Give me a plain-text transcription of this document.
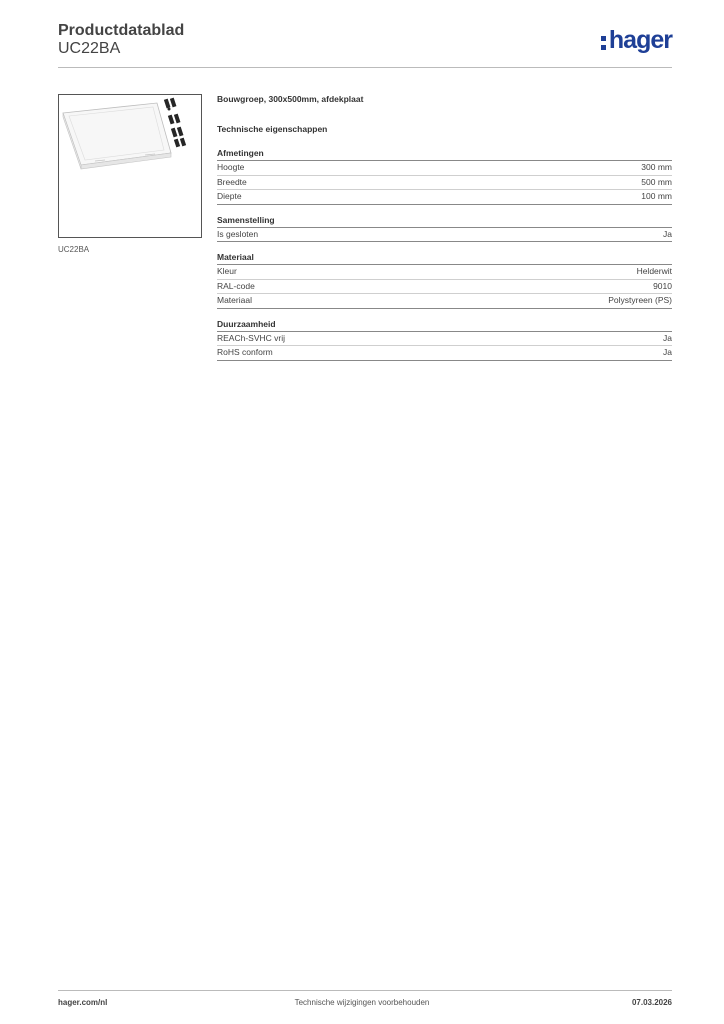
Productdatablad
UC22BA	hager
UC22BA
Bouwgroep, 300x500mm, afdekplaat
Technische eigenschappen
Afmetingen
Hoogte	300 mm
Breedte	500 mm
Diepte	100 mm
Samenstelling
Is gesloten	Ja
Materiaal
Kleur	Helderwit
RAL-code	9010
Materiaal	Polystyreen (PS)
Duurzaamheid
REACh-SVHC vrij	Ja
RoHS conform	Ja
hager.com/nl	Technische wijzigingen voorbehouden	07.03.2026
